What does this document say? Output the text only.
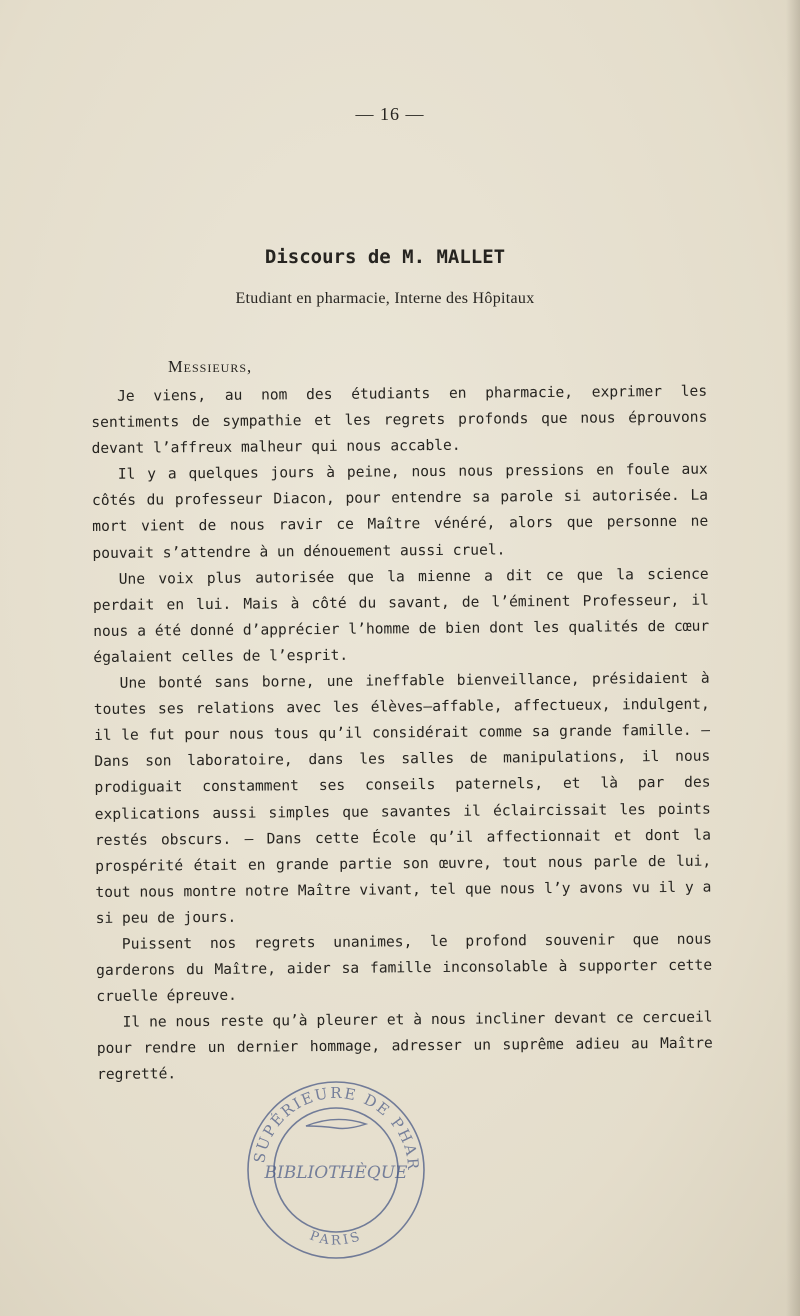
— 16 —
Discours de M. MALLET
Etudiant en pharmacie, Interne des Hôpitaux
Messieurs,

Je viens, au nom des étudiants en pharmacie, exprimer les sentiments de sympathie et les regrets profonds que nous éprouvons devant l’affreux malheur qui nous accable.

Il y a quelques jours à peine, nous nous pressions en foule aux côtés du professeur Diacon, pour entendre sa parole si autorisée. La mort vient de nous ravir ce Maître vénéré, alors que personne ne pouvait s’attendre à un dénouement aussi cruel.

Une voix plus autorisée que la mienne a dit ce que la science perdait en lui. Mais à côté du savant, de l’éminent Professeur, il nous a été donné d’apprécier l’homme de bien dont les qualités de cœur égalaient celles de l’esprit.

Une bonté sans borne, une ineffable bienveillance, présidaient à toutes ses relations avec les élèves—affable, affectueux, indulgent, il le fut pour nous tous qu’il considérait comme sa grande famille. — Dans son laboratoire, dans les salles de manipulations, il nous prodiguait constamment ses conseils paternels, et là par des explications aussi simples que savantes il éclaircissait les points restés obscurs. — Dans cette École qu’il affectionnait et dont la prospérité était en grande partie son œuvre, tout nous parle de lui, tout nous montre notre Maître vivant, tel que nous l’y avons vu il y a si peu de jours.

Puissent nos regrets unanimes, le profond souvenir que nous garderons du Maître, aider sa famille inconsolable à supporter cette cruelle épreuve.

Il ne nous reste qu’à pleurer et à nous incliner devant ce cercueil pour rendre un dernier hommage, adresser un suprême adieu au Maître regretté.

SUPÉRIEURE DE PHAR
BIBLIOTHÈQUE
PARIS
